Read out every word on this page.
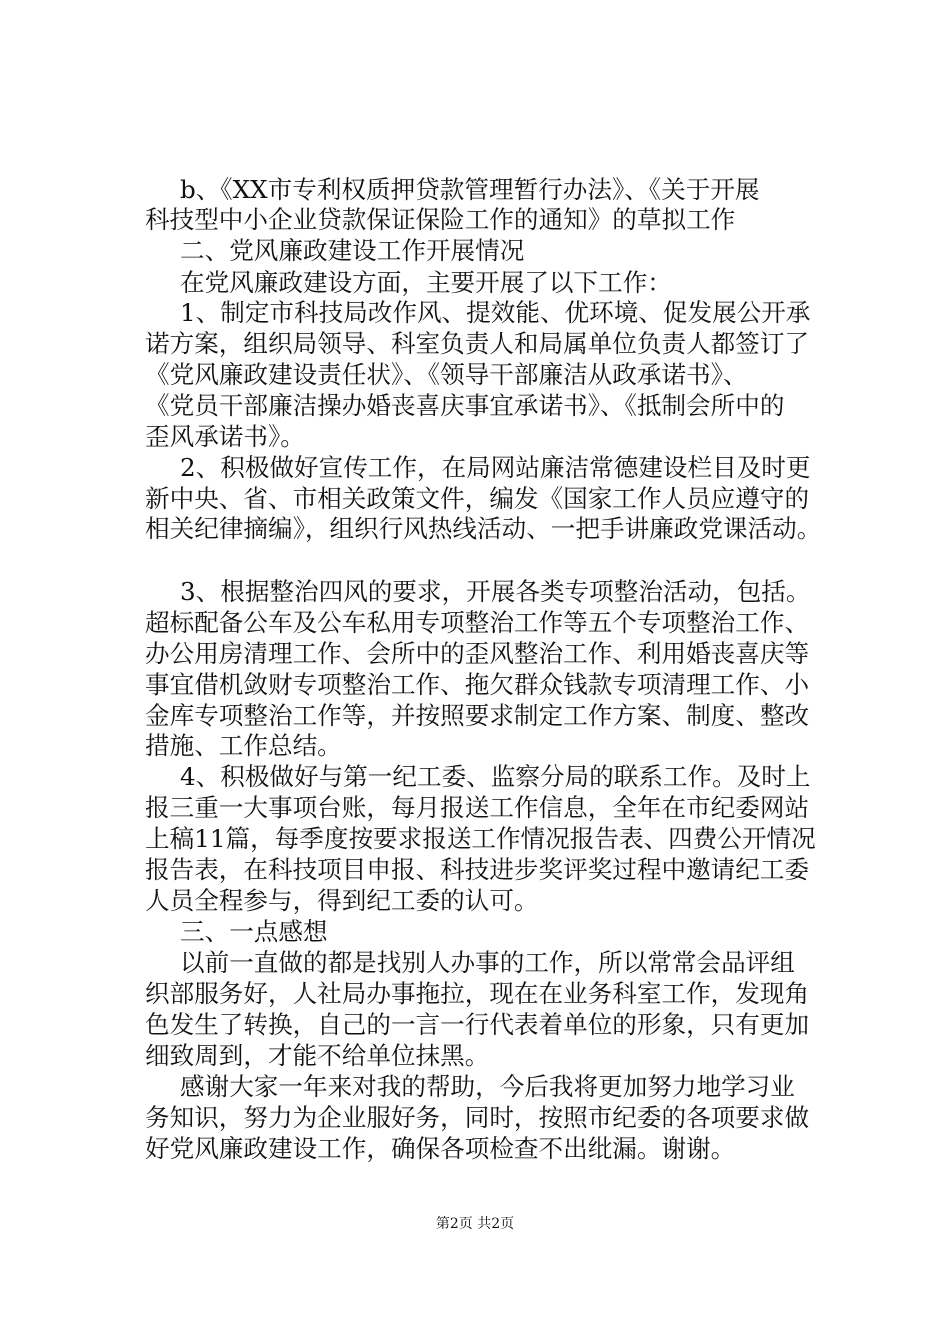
b、《XX市专利权质押贷款管理暂行办法》、《关于开展
科技型中小企业贷款保证保险工作的通知》的草拟工作
二、党风廉政建设工作开展情况
在党风廉政建设方面，主要开展了以下工作：
1、制定市科技局改作风、提效能、优环境、促发展公开承
诺方案，组织局领导、科室负责人和局属单位负责人都签订了
《党风廉政建设责任状》、《领导干部廉洁从政承诺书》、
《党员干部廉洁操办婚丧喜庆事宜承诺书》、《抵制会所中的
歪风承诺书》。
2、积极做好宣传工作，在局网站廉洁常德建设栏目及时更
新中央、省、市相关政策文件，编发《国家工作人员应遵守的
相关纪律摘编》，组织行风热线活动、一把手讲廉政党课活动。
3、根据整治四风的要求，开展各类专项整治活动，包括。
超标配备公车及公车私用专项整治工作等五个专项整治工作、
办公用房清理工作、会所中的歪风整治工作、利用婚丧喜庆等
事宜借机敛财专项整治工作、拖欠群众钱款专项清理工作、小
金库专项整治工作等，并按照要求制定工作方案、制度、整改
措施、工作总结。
4、积极做好与第一纪工委、监察分局的联系工作。及时上
报三重一大事项台账，每月报送工作信息，全年在市纪委网站
上稿11篇，每季度按要求报送工作情况报告表、四费公开情况
报告表，在科技项目申报、科技进步奖评奖过程中邀请纪工委
人员全程参与，得到纪工委的认可。
三、一点感想
以前一直做的都是找别人办事的工作，所以常常会品评组
织部服务好，人社局办事拖拉，现在在业务科室工作，发现角
色发生了转换，自己的一言一行代表着单位的形象，只有更加
细致周到，才能不给单位抹黑。
感谢大家一年来对我的帮助，今后我将更加努力地学习业
务知识，努力为企业服好务，同时，按照市纪委的各项要求做
好党风廉政建设工作，确保各项检查不出纰漏。谢谢。
第2页 共2页
